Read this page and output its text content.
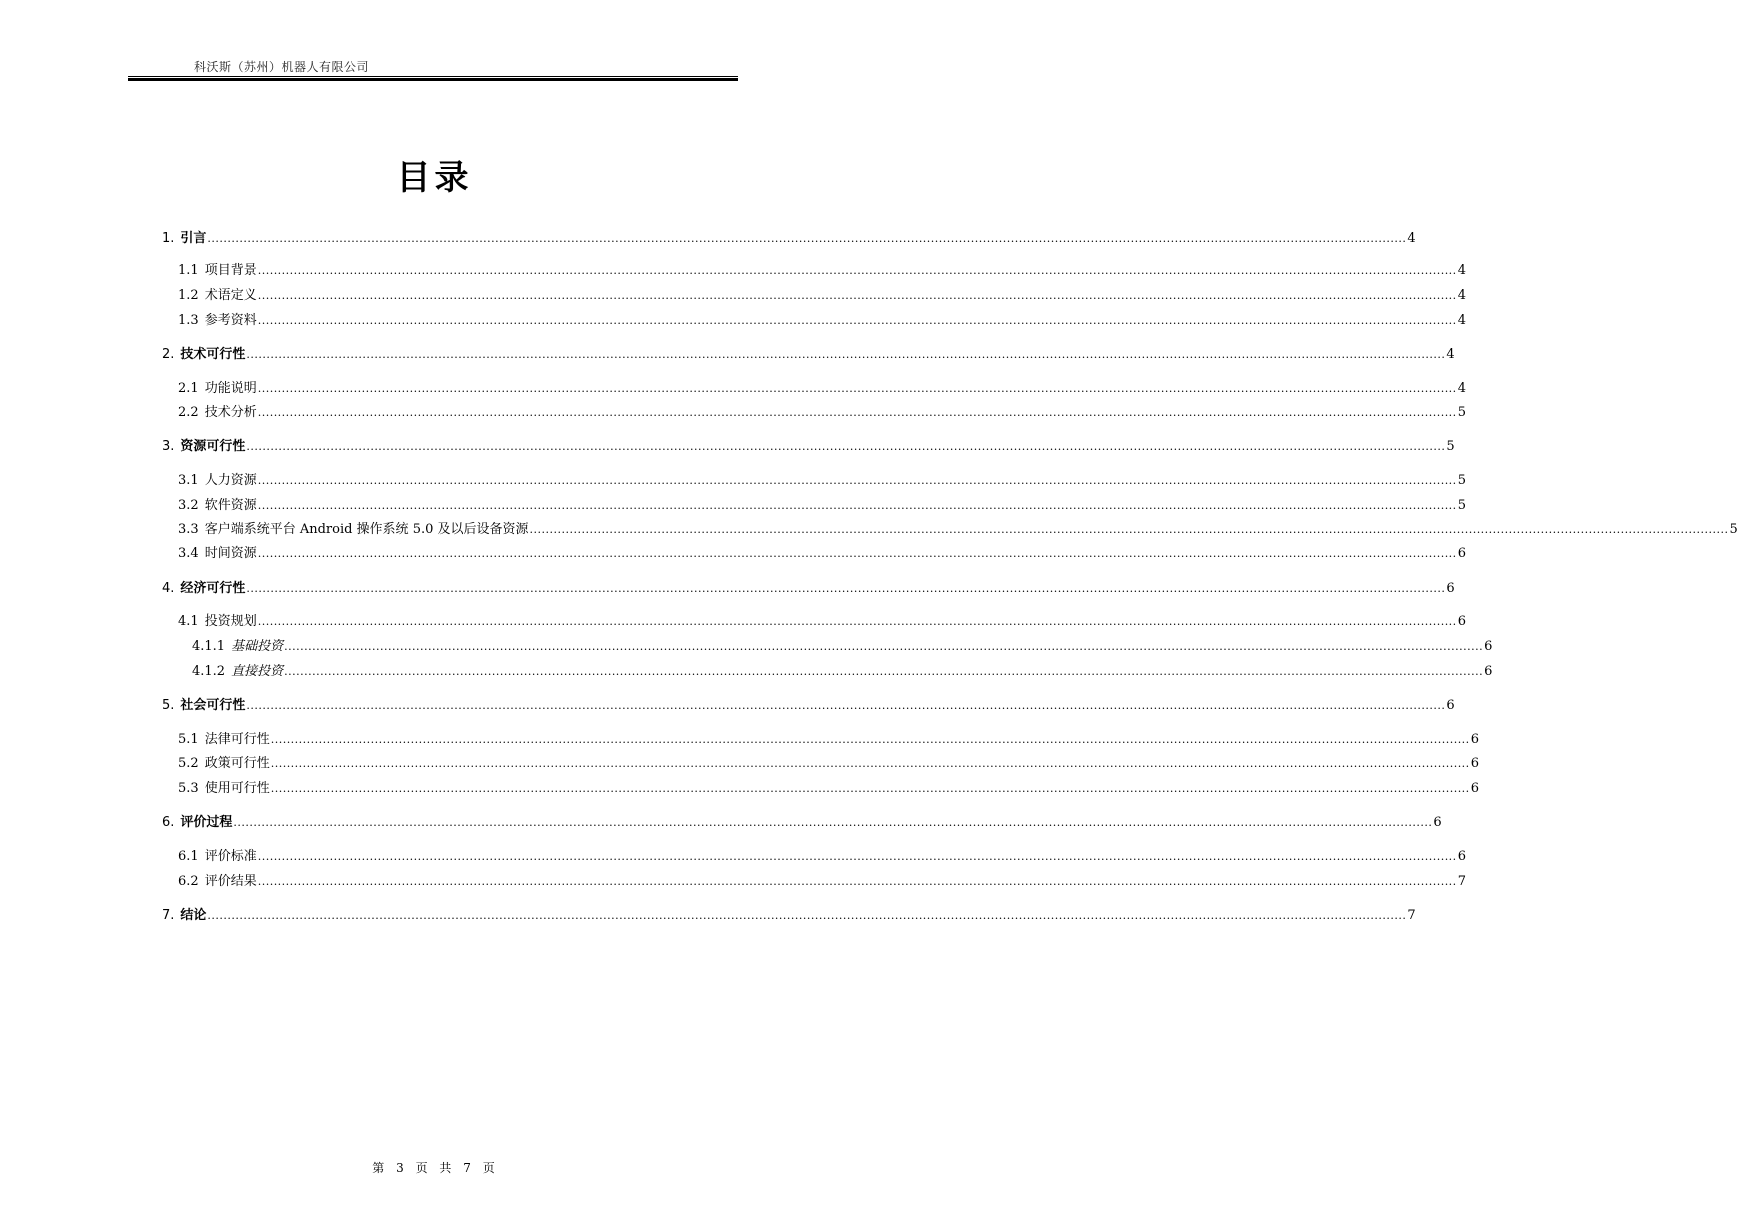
科沃斯（苏州）机器人有限公司
目录
1. 引言 ............................................................................................................................................................................................................................................................................................................ 4
1.1 项目背景 ............................................................................................................................................................................................................................................................................................................ 4
1.2 术语定义 ............................................................................................................................................................................................................................................................................................................ 4
1.3 参考资料 ............................................................................................................................................................................................................................................................................................................ 4
2. 技术可行性 ............................................................................................................................................................................................................................................................................................................ 4
2.1 功能说明 ............................................................................................................................................................................................................................................................................................................ 4
2.2 技术分析 ............................................................................................................................................................................................................................................................................................................ 5
3. 资源可行性 ............................................................................................................................................................................................................................................................................................................ 5
3.1 人力资源 ............................................................................................................................................................................................................................................................................................................ 5
3.2 软件资源 ............................................................................................................................................................................................................................................................................................................ 5
3.3 客户端系统平台 Android 操作系统 5.0 及以后设备资源 ............................................................................................................................................................................................................................................................................................................ 5
3.4 时间资源 ............................................................................................................................................................................................................................................................................................................ 6
4. 经济可行性 ............................................................................................................................................................................................................................................................................................................ 6
4.1 投资规划 ............................................................................................................................................................................................................................................................................................................ 6
4.1.1 基础投资 ............................................................................................................................................................................................................................................................................................................ 6
4.1.2 直接投资 ............................................................................................................................................................................................................................................................................................................ 6
5. 社会可行性 ............................................................................................................................................................................................................................................................................................................ 6
5.1 法律可行性 ............................................................................................................................................................................................................................................................................................................ 6
5.2 政策可行性 ............................................................................................................................................................................................................................................................................................................ 6
5.3 使用可行性 ............................................................................................................................................................................................................................................................................................................ 6
6. 评价过程 ............................................................................................................................................................................................................................................................................................................ 6
6.1 评价标准 ............................................................................................................................................................................................................................................................................................................ 6
6.2 评价结果 ............................................................................................................................................................................................................................................................................................................ 7
7. 结论 ............................................................................................................................................................................................................................................................................................................ 7
第 3 页 共 7 页
